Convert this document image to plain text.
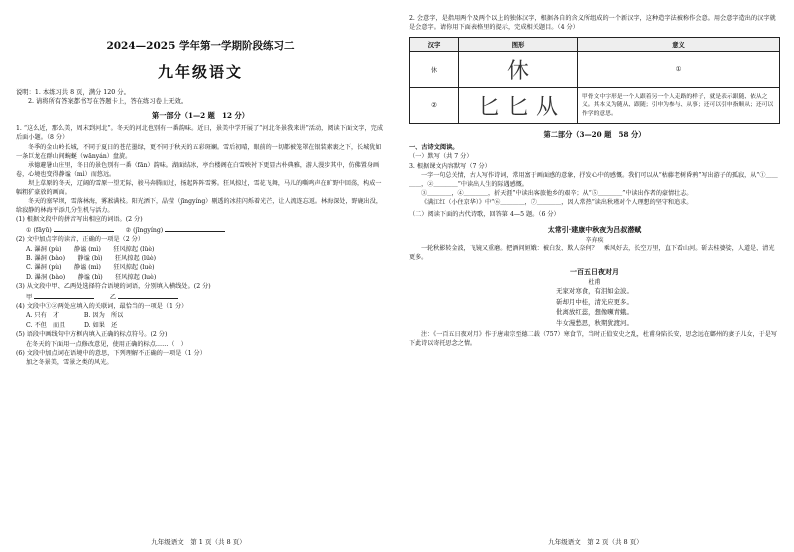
2024—2025 学年第一学期阶段练习二
九年级语文
说明：1. 本练习共 8 页，满分 120 分。
2. 请将所有答案都书写在答题卡上，答在练习卷上无效。
第一部分（1—2 题　12 分）

1. “这么近，那么美，周末到河北”。冬天的河北也别有一番韵味。近日，景美中学开展了“河北冬景我来讲”活动，阅读下面文字，完成后面小题。（8 分）

冬季的金山岭长城，不同于夏日的苍茫墨绿，更不同于秋天的五彩斑斓。雪后初晴，眼前的一切都被笼罩在银装素裹之下，长城犹如一条巨龙在群山间蜿蜒（wānyán）盘旋。

承德避暑山庄里，冬日的景色别有一番（fān）韵味。湖面结冰，亭台楼阁在白雪映衬下更显古朴典雅，游人漫步其中，仿佛置身画卷，心境也变得静谧（mì）而悠远。

坝上草原的冬天，辽阔的雪原一望无际，骏马奔腾而过，扬起阵阵雪雾。狂风掠过，雪花飞舞，马儿的嘶鸣声在旷野中回荡，构成一幅粗犷豪放的画面。

冬天的塞罕坝，雪落林海，雾凇满枝。阳光洒下，晶莹（jīngyíng）剔透的冰挂闪烁着光芒，让人流连忘返。林海深处，野鹿出没，给寂静的林海平添几分生机与活力。

(1) 根据文段中的拼音写出相应的词语。(2 分)

① (fāyū)	② (jīngyíng)

(2) 文中加点字的读音，正确的一项是（2 分）

A. 瀑洞 (pù)　　静谧 (mì)　　狂风掠起 (lüè)
B. 瀑洞 (bào)　　静谧 (bì)　　狂风掠起 (lüè)
C. 瀑洞 (pù)　　静谧 (mì)　　狂风掠起 (luè)
D. 瀑洞 (bào)　　静谧 (bì)　　狂风掠起 (luè)

(3) 从文段中甲、乙两处选择符合语境的词语，分别填入横线处。(2 分)

甲	乙

(4) 文段中①②两处应填入的关联词，最恰当的一项是（1 分）

A. 只有　才　　　　B. 因为　所以
C. 不但　而且　　　D. 如果　还

(5) 语段中画线句中方框内填入正确的标点符号。(2 分)

在冬天的下面用一点修改意见，使用正确的标点……（　）

(6) 文段中加点词在语境中的意思，下列理解不正确的一项是（1 分）

加之冬景美，雪景之类的风光。
九年级语文　第 1 页（共 8 页）

2. 会意字，是指用两个及两个以上的独体汉字，根据各自的含义所组成的一个新汉字，这种造字法被称作会意。用会意字造出的汉字就是会意字。请你用下面表格里的提示，完成相关题目。（4 分）

汉字	图形	意义
休	休	①
②	匕 匕 从	甲骨文中字形是一个人跟着另一个人走路的样子，就是表示跟随、依从之义。其本义为随从、跟随；引申为参与、从事；还可以引申指顺从；还可以作学的意思。
第二部分（3—20 题　58 分）

一、古诗文阅读。

（一）默写（共 7 分）

3. 根据课文内容默写（7 分）

一字一句总关情，古人写作诗词，常用富于画面感的意象，抒发心中的感慨。我们可以从“枯藤老树昏鸦”写出游子的孤寂，从“①＿＿＿＿，②＿＿＿＿”中读出人生的际遇感慨。

③＿＿＿＿，④＿＿＿＿，折天涯”中读出客旅他乡的艰辛；从“⑤＿＿＿＿”中读出作者的豪情壮志。

《满江红（小住京华）》中“⑥＿＿＿＿，⑦＿＿＿＿，因人常热”读出秋瑾对个人理想的坚守和追求。

（二）阅读下面的古代诗歌，回答第 4—5 题。（6 分）

太常引·建康中秋夜为吕叔潜赋
辛弃疾

一轮秋影转金波，飞镜又重磨。把酒问姮娥：被白发、欺人奈何？　乘风好去，长空万里，直下看山河。斫去桂婆娑，人道是、清光更多。

一百五日夜对月
杜甫
无家对寒食，有泪如金波。
斫却月中桂，清光应更多。
仳离放红蕊，想像嚬青蛾。
牛女漫愁思，秋期犹渡河。

注：《一百五日夜对月》作于唐肃宗至德二载（757）寒食节，当时正值安史之乱，杜甫身陷长安，思念远在鄜州的妻子儿女，于是写下此诗以寄托思念之情。

九年级语文　第 2 页（共 8 页）
